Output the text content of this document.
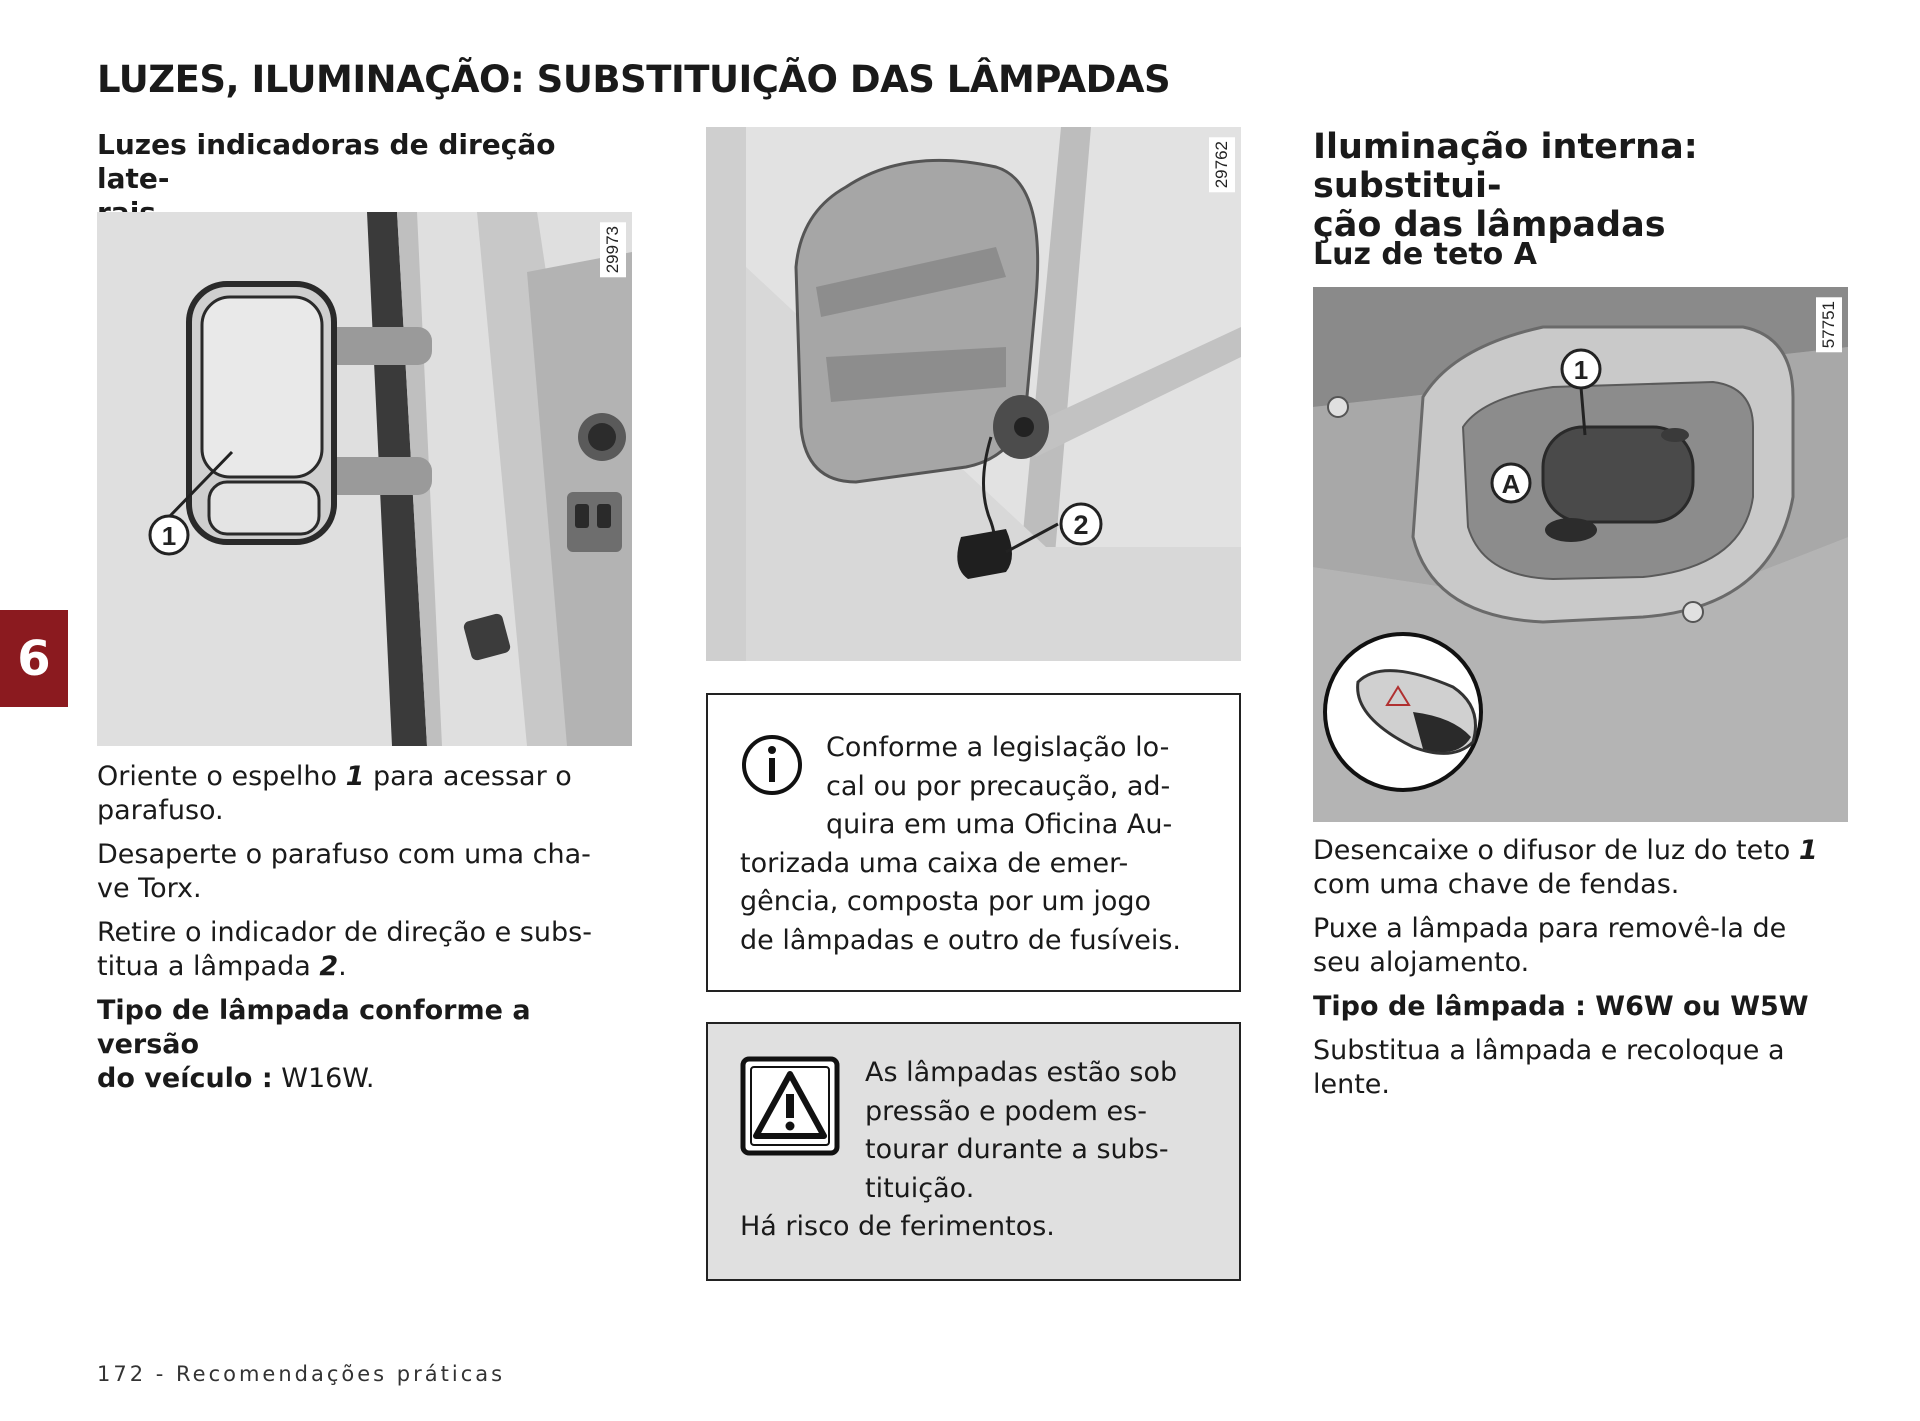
LUZES, ILUMINAÇÃO: SUBSTITUIÇÃO DAS LÂMPADAS
6
Luzes indicadoras de direção late-
1
29973

Oriente o espelho 1 para acessar o
parafuso.

Desaperte o parafuso com uma cha-
ve Torx.

Retire o indicador de direção e subs-
titua a lâmpada 2.

Tipo de lâmpada conforme a versão
do veículo : W16W.

2
29762
Conforme a legislação lo-
cal ou por precaução, ad-
quira em uma Oficina Au-
torizada uma caixa de emer-
gência, composta por um jogo
de lâmpadas e outro de fusíveis.
As lâmpadas estão sob
pressão e podem es-
tourar durante a subs-
tituição.
Há risco de ferimentos.
Iluminação interna: substitui-
ção das lâmpadas
Luz de teto A
1
A
57751

Desencaixe o difusor de luz do teto 1
com uma chave de fendas.

Puxe a lâmpada para removê-la de
seu alojamento.

Tipo de lâmpada : W6W ou W5W

Substitua a lâmpada e recoloque a
lente.

172 - Recomendações práticas
